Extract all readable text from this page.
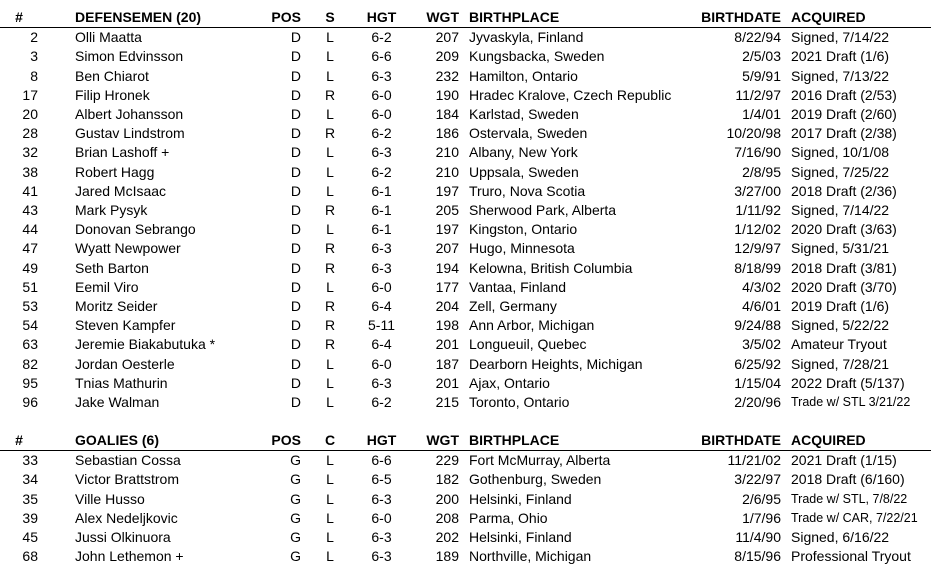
#		DEFENSEMEN (20)	POS	S	HGT	WGT		BIRTHPLACE	BIRTHDATE		ACQUIRED
2		Olli Maatta	D	L	6-2	207		Jyvaskyla, Finland	8/22/94		Signed, 7/14/22
3		Simon Edvinsson	D	L	6-6	209		Kungsbacka, Sweden	2/5/03		2021 Draft (1/6)
8		Ben Chiarot	D	L	6-3	232		Hamilton, Ontario	5/9/91		Signed, 7/13/22
17		Filip Hronek	D	R	6-0	190		Hradec Kralove, Czech Republic	11/2/97		2016 Draft (2/53)
20		Albert Johansson	D	L	6-0	184		Karlstad, Sweden	1/4/01		2019 Draft (2/60)
28		Gustav Lindstrom	D	R	6-2	186		Ostervala, Sweden	10/20/98		2017 Draft (2/38)
32		Brian Lashoff +	D	L	6-3	210		Albany, New York	7/16/90		Signed, 10/1/08
38		Robert Hagg	D	L	6-2	210		Uppsala, Sweden	2/8/95		Signed, 7/25/22
41		Jared McIsaac	D	L	6-1	197		Truro, Nova Scotia	3/27/00		2018 Draft (2/36)
43		Mark Pysyk	D	R	6-1	205		Sherwood Park, Alberta	1/11/92		Signed, 7/14/22
44		Donovan Sebrango	D	L	6-1	197		Kingston, Ontario	1/12/02		2020 Draft (3/63)
47		Wyatt Newpower	D	R	6-3	207		Hugo, Minnesota	12/9/97		Signed, 5/31/21
49		Seth Barton	D	R	6-3	194		Kelowna, British Columbia	8/18/99		2018 Draft (3/81)
51		Eemil Viro	D	L	6-0	177		Vantaa, Finland	4/3/02		2020 Draft (3/70)
53		Moritz Seider	D	R	6-4	204		Zell, Germany	4/6/01		2019 Draft (1/6)
54		Steven Kampfer	D	R	5-11	198		Ann Arbor, Michigan	9/24/88		Signed, 5/22/22
63		Jeremie Biakabutuka *	D	R	6-4	201		Longueuil, Quebec	3/5/02		Amateur Tryout
82		Jordan Oesterle	D	L	6-0	187		Dearborn Heights, Michigan	6/25/92		Signed, 7/28/21
95		Tnias Mathurin	D	L	6-3	201		Ajax, Ontario	1/15/04		2022 Draft (5/137)
96		Jake Walman	D	L	6-2	215		Toronto, Ontario	2/20/96		Trade w/ STL 3/21/22
#		GOALIES (6)	POS	C	HGT	WGT		BIRTHPLACE	BIRTHDATE		ACQUIRED
33		Sebastian Cossa	G	L	6-6	229		Fort McMurray, Alberta	11/21/02		2021 Draft (1/15)
34		Victor Brattstrom	G	L	6-5	182		Gothenburg, Sweden	3/22/97		2018 Draft (6/160)
35		Ville Husso	G	L	6-3	200		Helsinki, Finland	2/6/95		Trade w/ STL, 7/8/22
39		Alex Nedeljkovic	G	L	6-0	208		Parma, Ohio	1/7/96		Trade w/ CAR, 7/22/21
45		Jussi Olkinuora	G	L	6-3	202		Helsinki, Finland	11/4/90		Signed, 6/16/22
68		John Lethemon +	G	L	6-3	189		Northville, Michigan	8/15/96		Professional Tryout
